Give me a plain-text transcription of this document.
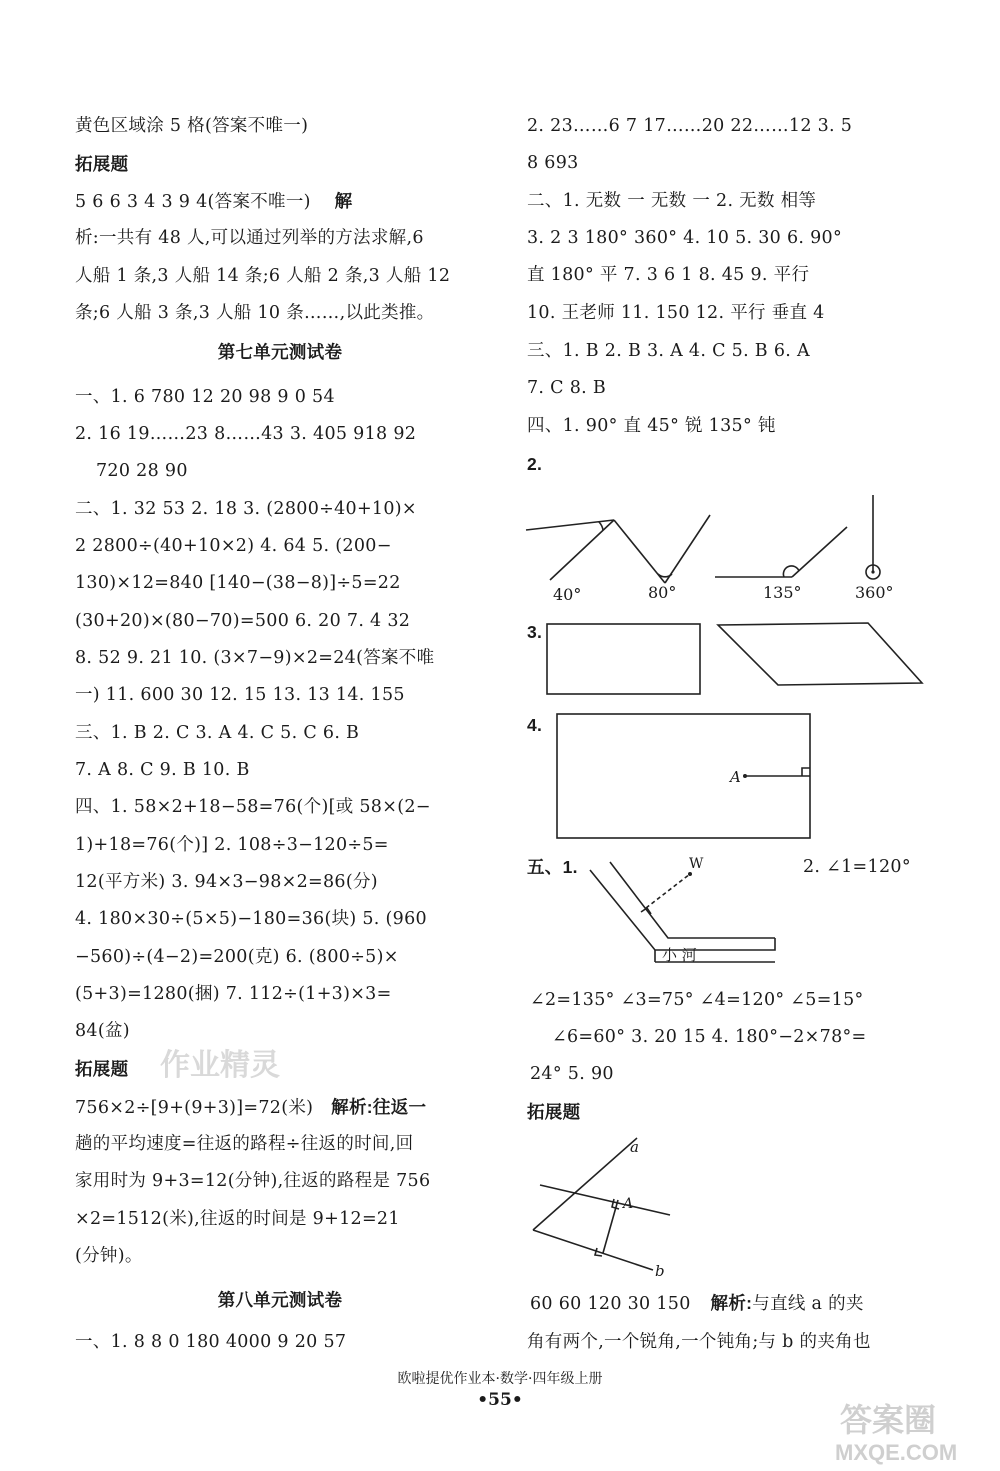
黄色区域涂 5 格(答案不唯一)
拓展题
5 6 6 3 4 3 9 4(答案不唯一) 解
析:一共有 48 人,可以通过列举的方法求解,6
人船 1 条,3 人船 14 条;6 人船 2 条,3 人船 12
条;6 人船 3 条,3 人船 10 条……,以此类推。
第七单元测试卷
一、1. 6 780 12 20 98 9 0 54
2. 16 19……23 8……43 3. 405 918 92
720 28 90
二、1. 32 53 2. 18 3. (2800÷40+10)×
2 2800÷(40+10×2) 4. 64 5. (200−
130)×12=840 [140−(38−8)]÷5=22
(30+20)×(80−70)=500 6. 20 7. 4 32
8. 52 9. 21 10. (3×7−9)×2=24(答案不唯
一) 11. 600 30 12. 15 13. 13 14. 155
三、1. B 2. C 3. A 4. C 5. C 6. B
7. A 8. C 9. B 10. B
四、1. 58×2+18−58=76(个)[或 58×(2−
1)+18=76(个)] 2. 108÷3−120÷5=
12(平方米) 3. 94×3−98×2=86(分)
4. 180×30÷(5×5)−180=36(块) 5. (960
−560)÷(4−2)=200(克) 6. (800÷5)×
(5+3)=1280(捆) 7. 112÷(1+3)×3=
84(盆)
拓展题
756×2÷[9+(9+3)]=72(米) 解析:往返一
趟的平均速度=往返的路程÷往返的时间,回
家用时为 9+3=12(分钟),往返的路程是 756
×2=1512(米),往返的时间是 9+12=21
(分钟)。
第八单元测试卷
一、1. 8 8 0 180 4000 9 20 57
2. 23……6 7 17……20 22……12 3. 5
8 693
二、1. 无数 一 无数 一 2. 无数 相等
3. 2 3 180° 360° 4. 10 5. 30 6. 90°
直 180° 平 7. 3 6 1 8. 45 9. 平行
10. 王老师 11. 150 12. 平行 垂直 4
三、1. B 2. B 3. A 4. C 5. B 6. A
7. C 8. B
四、1. 90° 直 45° 锐 135° 钝
2.
40°	80°	135°	360°
3.
4.
A
五、1.	2. ∠1=120°
W
小 河
∠2=135° ∠3=75° ∠4=120° ∠5=15°
∠6=60° 3. 20 15 4. 180°−2×78°=
24° 5. 90
拓展题
a
b
A
60 60 120 30 150 解析:与直线 a 的夹
角有两个,一个锐角,一个钝角;与 b 的夹角也
作业精灵
答案圈
MXQE.COM
欧啦提优作业本·数学·四年级上册
•55•
